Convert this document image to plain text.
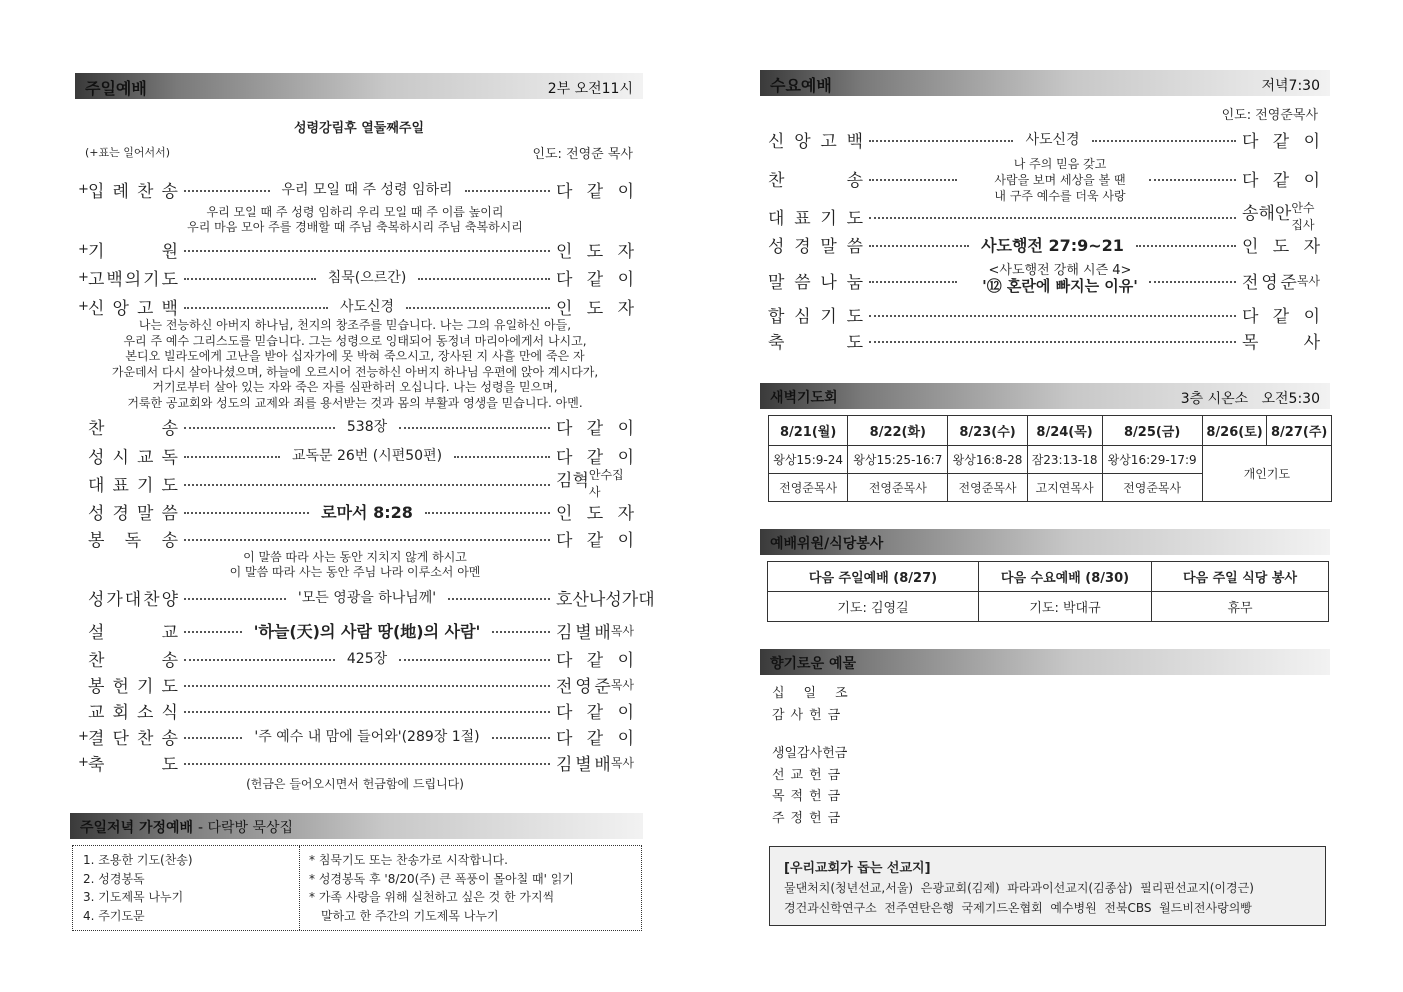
주일예배	2부 오전11시
성령강림후 열둘째주일
(+표는 일어서서)	인도: 전영준 목사
+ 입 례 찬 송	우리 모일 때 주 성령 임하리	다 같 이
+ 기	원	인 도 자
+ 고 백 의 기 도	침묵(으르간)	다 같 이
+ 신 앙 고 백	사도신경	인 도 자
찬	송	538장	다 같 이
성 시 교 독	교독문 26번 (시편50편)	다 같 이
대 표 기 도	김 혁 안수집사
성 경 말 씀	로마서 8:28	인 도 자
봉 독 송	다 같 이
성 가 대 찬 양	'모든 영광을 하나님께'	호 산 나 성 가 대
설	교	'하늘(天)의 사람 땅(地)의 사람'	김 별 배 목사
찬	송	425장	다 같 이
봉 헌 기 도	전 영 준 목사
교 회 소 식	다 같 이
+ 결 단 찬 송	'주 예수 내 맘에 들어와'(289장 1절)	다 같 이
+ 축	도	김 별 배 목사
우리 모일 때 주 성령 임하리 우리 모일 때 주 이름 높이리
우리 마음 모아 주를 경배할 때 주님 축복하시리 주님 축복하시리
나는 전능하신 아버지 하나님, 천지의 창조주를 믿습니다. 나는 그의 유일하신 아들,
우리 주 예수 그리스도를 믿습니다. 그는 성령으로 잉태되어 동정녀 마리아에게서 나시고,
본디오 빌라도에게 고난을 받아 십자가에 못 박혀 죽으시고, 장사된 지 사흘 만에 죽은 자
가운데서 다시 살아나셨으며, 하늘에 오르시어 전능하신 아버지 하나님 우편에 앉아 계시다가,
거기로부터 살아 있는 자와 죽은 자를 심판하러 오십니다. 나는 성령을 믿으며,
거룩한 공교회와 성도의 교제와 죄를 용서받는 것과 몸의 부활과 영생을 믿습니다. 아멘.
이 말씀 따라 사는 동안 지치지 않게 하시고
이 말씀 따라 사는 동안 주님 나라 이루소서 아멘
(헌금은 들어오시면서 헌금함에 드립니다)
주일저녁 가정예배 - 다락방 묵상집
1. 조용한 기도(찬송)
2. 성경봉독
3. 기도제목 나누기
4. 주기도문
* 침묵기도 또는 찬송가로 시작합니다.
* 성경봉독 후 '8/20(주) 큰 폭풍이 몰아칠 때' 읽기
* 가족 사랑을 위해 실천하고 싶은 것 한 가지씩
말하고 한 주간의 기도제목 나누기
수요예배	저녁7:30
인도: 전영준목사
신 앙 고 백	사도신경	다 같 이
찬	송	다 같 이
대 표 기 도	송 해 안 안수집사
성 경 말 씀	사도행전 27:9~21	인 도 자
말 씀 나 눔	전 영 준 목사
합 심 기 도	다 같 이
축	도	목	사
나 주의 믿음 갖고
사람을 보며 세상을 볼 땐
내 구주 예수를 더욱 사랑
<사도행전 강해 시즌 4>
'⑫ 혼란에 빠지는 이유'
새벽기도회	3층 시온소   오전5:30
8/21(월)	8/22(화)	8/23(수)	8/24(목)	8/25(금)	8/26(토)	8/27(주)
왕상15:9-24	왕상15:25-16:7	왕상16:8-28	잠23:13-18	왕상16:29-17:9	개인기도	
전영준목사	전영준목사	전영준목사	고지연목사	전영준목사		
예배위원/식당봉사
다음 주일예배 (8/27)	다음 수요예배 (8/30)	다음 주일 식당 봉사
기도: 김영길	기도: 박대규	휴무
향기로운 예물
십일조
감사헌금
생일감사헌금
선교헌금
목적헌금
주정헌금
[우리교회가 돕는 선교지]
물댄처치(청년선교,서울)  은광교회(김제)  파라과이선교지(김종삼)  필리핀선교지(이경근)
경건과신학연구소  전주연탄은행  국제기드온협회  예수병원  전북CBS  월드비전사랑의빵
